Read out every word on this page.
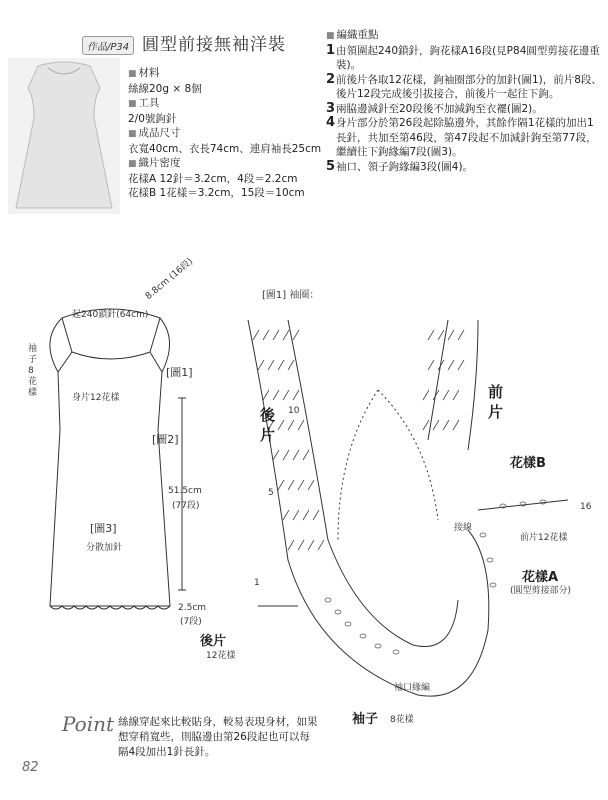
作品/P34 圓型前接無袖洋裝
■ 材料
絲線20g × 8個
■ 工具
2/0號鉤針
■ 成品尺寸
衣寬40cm、衣長74cm、連肩袖長25cm
■ 織片密度
花樣A 12針＝3.2cm，4段＝2.2cm
花樣B 1花樣＝3.2cm，15段＝10cm
■ 編織重點
1 由領圍起240鎖針，鉤花樣A16段(見P84圓型剪接花邊重裝)。
2 前後片各取12花樣，鉤袖圈部分的加針(圖1)，前片8段、後片12段完成後引拔接合，前後片一起往下鉤。
3 兩脇邊減針至20段後不加減鉤至衣襬(圖2)。
4 身片部分於第26段起除脇邊外，其餘作隔1花樣的加出1長針，共加至第46段，第47段起不加減針鉤至第77段，繼續往下鉤緣編7段(圖3)。
5 袖口、領子鉤緣編3段(圖4)。
起240鎖針(64cm)
8.8cm (16段)
袖子8花樣
[圖1]
身片12花樣
[圖2]
51.5cm
(77段)
[圖3]
分散加針
2.5cm
(7段)
[圖1] 袖圈：
後片
前片
花樣B
花樣A
(圓型剪接部分)
接線
前片12花樣
後片
12花樣
袖口緣編
袖子 8花樣
10
5
1
16
Point 絲線穿起來比較貼身，較易表現身材，如果想穿稍寬些，則脇邊由第26段起也可以每隔4段加出1針長針。
82
